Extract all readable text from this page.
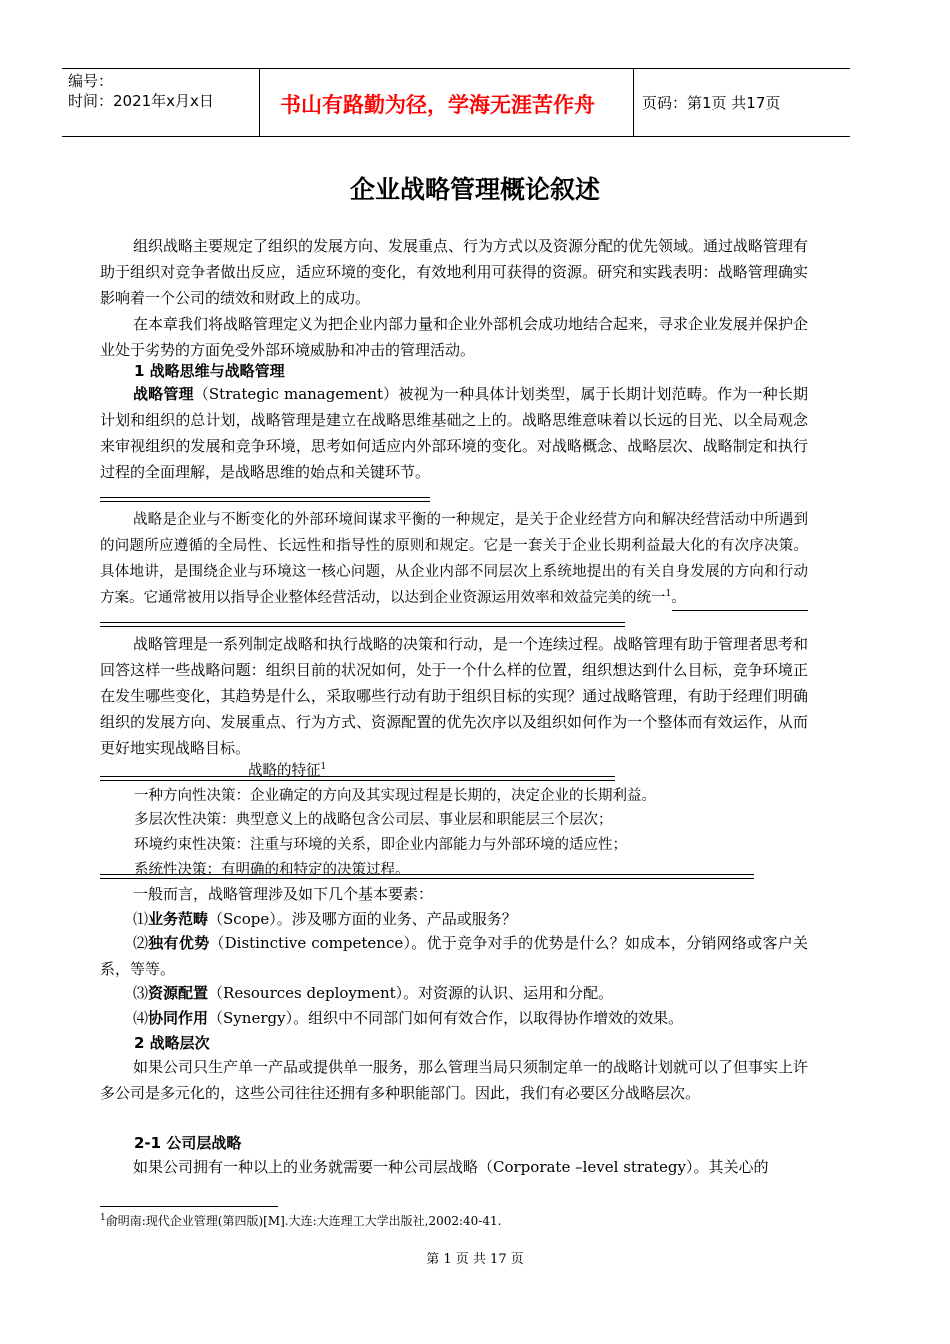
编号：
时间：2021年x月x日	书山有路勤为径，学海无涯苦作舟	页码：第1页 共17页
企业战略管理概论叙述

组织战略主要规定了组织的发展方向、发展重点、行为方式以及资源分配的优先领域。通过战略管理有助于组织对竞争者做出反应，适应环境的变化，有效地利用可获得的资源。研究和实践表明：战略管理确实影响着一个公司的绩效和财政上的成功。

在本章我们将战略管理定义为把企业内部力量和企业外部机会成功地结合起来，寻求企业发展并保护企业处于劣势的方面免受外部环境威胁和冲击的管理活动。

1 战略思维与战略管理

战略管理（Strategic management）被视为一种具体计划类型，属于长期计划范畴。作为一种长期计划和组织的总计划，战略管理是建立在战略思维基础之上的。战略思维意味着以长远的目光、以全局观念来审视组织的发展和竞争环境，思考如何适应内外部环境的变化。对战略概念、战略层次、战略制定和执行过程的全面理解，是战略思维的始点和关键环节。

战略是企业与不断变化的外部环境间谋求平衡的一种规定，是关于企业经营方向和解决经营活动中所遇到的问题所应遵循的全局性、长远性和指导性的原则和规定。它是一套关于企业长期利益最大化的有次序决策。具体地讲，是围绕企业与环境这一核心问题，从企业内部不同层次上系统地提出的有关自身发展的方向和行动方案。它通常被用以指导企业整体经营活动，以达到企业资源运用效率和效益完美的统一$^1$。

战略管理是一系列制定战略和执行战略的决策和行动，是一个连续过程。战略管理有助于管理者思考和回答这样一些战略问题：组织目前的状况如何，处于一个什么样的位置，组织想达到什么目标，竞争环境正在发生哪些变化，其趋势是什么，采取哪些行动有助于组织目标的实现？通过战略管理，有助于经理们明确组织的发展方向、发展重点、行为方式、资源配置的优先次序以及组织如何作为一个整体而有效运作，从而更好地实现战略目标。

战略的特征$^1$
一种方向性决策：企业确定的方向及其实现过程是长期的，决定企业的长期利益。
多层次性决策：典型意义上的战略包含公司层、事业层和职能层三个层次；
环境约束性决策：注重与环境的关系，即企业内部能力与外部环境的适应性；
系统性决策：有明确的和特定的决策过程。

一般而言，战略管理涉及如下几个基本要素：

⑴业务范畴（Scope）。涉及哪方面的业务、产品或服务？

⑵独有优势（Distinctive competence）。优于竞争对手的优势是什么？如成本，分销网络或客户关系，等等。

⑶资源配置（Resources deployment）。对资源的认识、运用和分配。

⑷协同作用（Synergy）。组织中不同部门如何有效合作，以取得协作增效的效果。

2 战略层次

如果公司只生产单一产品或提供单一服务，那么管理当局只须制定单一的战略计划就可以了但事实上许多公司是多元化的，这些公司往往还拥有多种职能部门。因此，我们有必要区分战略层次。

2-1 公司层战略

如果公司拥有一种以上的业务就需要一种公司层战略（Corporate –level strategy）。其关心的

$^1$俞明南:现代企业管理(第四版)[M].大连:大连理工大学出版社,2002:40-41.
第 1 页 共 17 页
